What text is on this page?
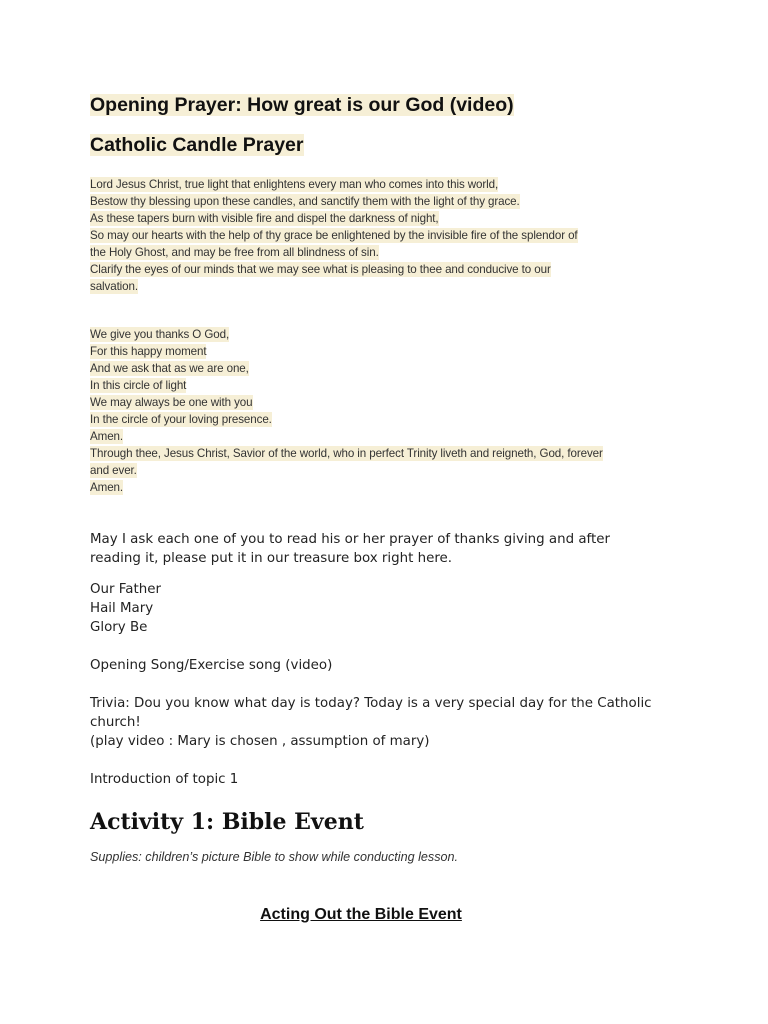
Opening Prayer: How great is our God (video)
Catholic Candle Prayer
Lord Jesus Christ, true light that enlightens every man who comes into this world,
Bestow thy blessing upon these candles, and sanctify them with the light of thy grace.
As these tapers burn with visible fire and dispel the darkness of night,
So may our hearts with the help of thy grace be enlightened by the invisible fire of the splendor of
the Holy Ghost, and may be free from all blindness of sin.
Clarify the eyes of our minds that we may see what is pleasing to thee and conducive to our
salvation.
We give you thanks O God,
For this happy moment
And we ask that as we are one,
In this circle of light
We may always be one with you
In the circle of your loving presence.
Amen.
Through thee, Jesus Christ, Savior of the world, who in perfect Trinity liveth and reigneth, God, forever
and ever.
Amen.
May I ask each one of you to read his or her prayer of thanks giving and after
reading it, please put it in our treasure box right here.
Our Father
Hail Mary
Glory Be
Opening Song/Exercise song (video)
Trivia: Dou you know what day is today? Today is a very special day for the Catholic
church!
(play video : Mary is chosen , assumption of mary)
Introduction of topic 1
Activity 1: Bible Event
Supplies: children’s picture Bible to show while conducting lesson.
Acting Out the Bible Event
